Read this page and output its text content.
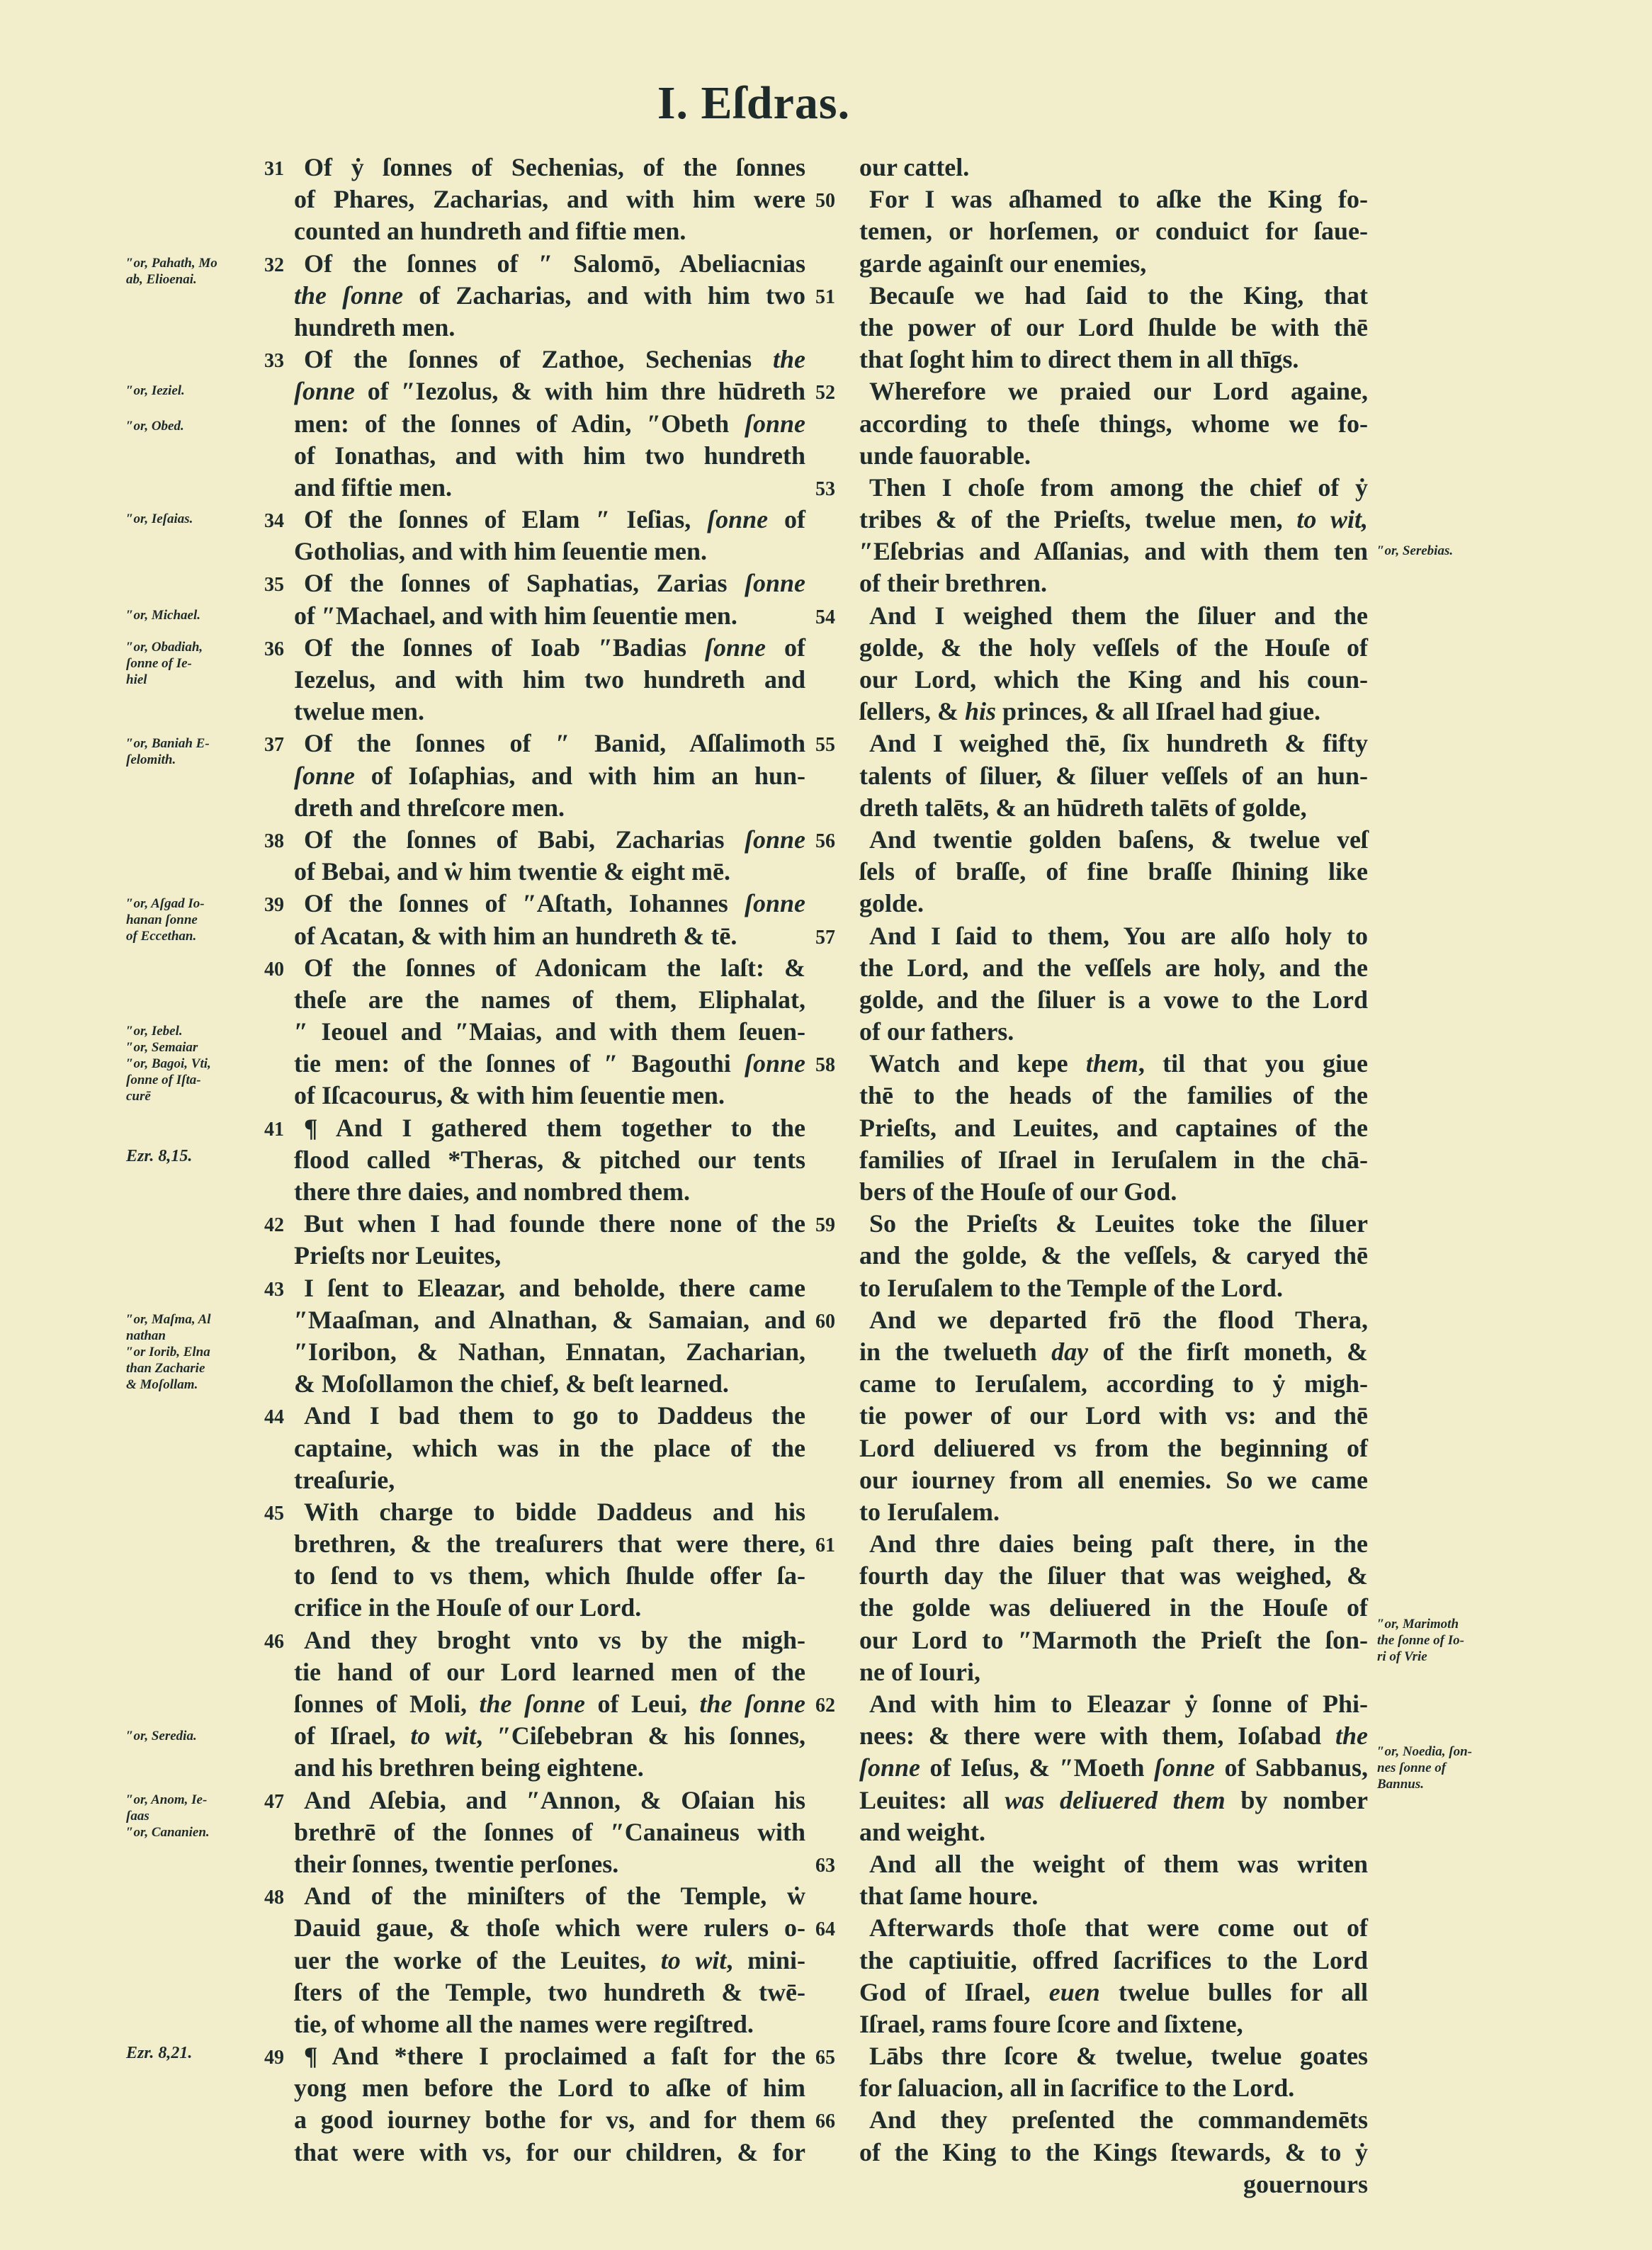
I. Eſdras.
31 Of ẏ ſonnes of Sechenias, of the ſonnes
of Phares, Zacharias, and with him were
counted an hundreth and fiftie men.
32 Of the ſonnes of ″ Salomō, Abeliacnias
the ſonne of Zacharias, and with him two
hundreth men.
33 Of the ſonnes of Zathoe, Sechenias the
ſonne of ″Iezolus, & with him thre hūdreth
men: of the ſonnes of Adin, ″Obeth ſonne
of Ionathas, and with him two hundreth
and fiftie men.
34 Of the ſonnes of Elam ″ Ieſias, ſonne of
Gotholias, and with him ſeuentie men.
35 Of the ſonnes of Saphatias, Zarias ſonne
of ″Machael, and with him ſeuentie men.
36 Of the ſonnes of Ioab ″Badias ſonne of
Iezelus, and with him two hundreth and
twelue men.
37 Of the ſonnes of ″ Banid, Aſſalimoth
ſonne of Ioſaphias, and with him an hun-
dreth and threſcore men.
38 Of the ſonnes of Babi, Zacharias ſonne
of Bebai, and ẇ him twentie & eight mē.
39 Of the ſonnes of ″Aſtath, Iohannes ſonne
of Acatan, & with him an hundreth & tē.
40 Of the ſonnes of Adonicam the laſt: &
theſe are the names of them, Eliphalat,
″ Ieouel and ″Maias, and with them ſeuen-
tie men: of the ſonnes of ″ Bagouthi ſonne
of Iſcacourus, & with him ſeuentie men.
41 ¶ And I gathered them together to the
flood called *Theras, & pitched our tents
there thre daies, and nombred them.
42 But when I had founde there none of the
Prieſts nor Leuites,
43 I ſent to Eleazar, and beholde, there came
″Maaſman, and Alnathan, & Samaian, and
″Ioribon, & Nathan, Ennatan, Zacharian,
& Moſollamon the chief, & beſt learned.
44 And I bad them to go to Daddeus the
captaine, which was in the place of the
treaſurie,
45 With charge to bidde Daddeus and his
brethren, & the treaſurers that were there,
to ſend to vs them, which ſhulde offer ſa-
crifice in the Houſe of our Lord.
46 And they broght vnto vs by the migh-
tie hand of our Lord learned men of the
ſonnes of Moli, the ſonne of Leui, the ſonne
of Iſrael, to wit, ″Ciſebebran & his ſonnes,
and his brethren being eightene.
47 And Aſebia, and ″Annon, & Oſaian his
brethrē of the ſonnes of ″Canaineus with
their ſonnes, twentie perſones.
48 And of the miniſters of the Temple, ẇ
Dauid gaue, & thoſe which were rulers o-
uer the worke of the Leuites, to wit, mini-
ſters of the Temple, two hundreth & twē-
tie, of whome all the names were regiſtred.
49 ¶ And *there I proclaimed a faſt for the
yong men before the Lord to aſke of him
a good iourney bothe for vs, and for them
that were with vs, for our children, & for
our cattel.
50 For I was aſhamed to aſke the King fo-
temen, or horſemen, or conduict for ſaue-
garde againſt our enemies,
51 Becauſe we had ſaid to the King, that
the power of our Lord ſhulde be with thē
that ſoght him to direct them in all thīgs.
52 Wherefore we praied our Lord againe,
according to theſe things, whome we fo-
unde fauorable.
53 Then I choſe from among the chief of ẏ
tribes & of the Prieſts, twelue men, to wit,
″Eſebrias and Aſſanias, and with them ten
of their brethren.
54 And I weighed them the ſiluer and the
golde, & the holy veſſels of the Houſe of
our Lord, which the King and his coun-
ſellers, & his princes, & all Iſrael had giue.
55 And I weighed thē, ſix hundreth & fifty
talents of ſiluer, & ſiluer veſſels of an hun-
dreth talēts, & an hūdreth talēts of golde,
56 And twentie golden baſens, & twelue veſ
ſels of braſſe, of fine braſſe ſhining like
golde.
57 And I ſaid to them, You are alſo holy to
the Lord, and the veſſels are holy, and the
golde, and the ſiluer is a vowe to the Lord
of our fathers.
58 Watch and kepe them, til that you giue
thē to the heads of the families of the
Prieſts, and Leuites, and captaines of the
families of Iſrael in Ieruſalem in the chā-
bers of the Houſe of our God.
59 So the Prieſts & Leuites toke the ſiluer
and the golde, & the veſſels, & caryed thē
to Ieruſalem to the Temple of the Lord.
60 And we departed frō the flood Thera,
in the twelueth day of the firſt moneth, &
came to Ieruſalem, according to ẏ migh-
tie power of our Lord with vs: and thē
Lord deliuered vs from the beginning of
our iourney from all enemies. So we came
to Ieruſalem.
61 And thre daies being paſt there, in the
fourth day the ſiluer that was weighed, &
the golde was deliuered in the Houſe of
our Lord to ″Marmoth the Prieſt the ſon-
ne of Iouri,
62 And with him to Eleazar ẏ ſonne of Phi-
nees: & there were with them, Ioſabad the
ſonne of Ieſus, & ″Moeth ſonne of Sabbanus,
Leuites: all was deliuered them by nomber
and weight.
63 And all the weight of them was writen
that ſame houre.
64 Afterwards thoſe that were come out of
the captiuitie, offred ſacrifices to the Lord
God of Iſrael, euen twelue bulles for all
Iſrael, rams foure ſcore and ſixtene,
65 Lābs thre ſcore & twelue, twelue goates
for ſaluacion, all in ſacrifice to the Lord.
66 And they preſented the commandemēts
of the King to the Kings ſtewards, & to ẏ
gouernours
″or, Pahath, Mo
ab, Elioenai.
″or, Ieziel.
″or, Obed.
″or, Ieſaias.
″or, Michael.
″or, Obadiah,
ſonne of Ie-
hiel
″or, Baniah E-
ſelomith.
″or, Aſgad Io-
hanan ſonne
of Eccethan.
″or, Iebel.
″or, Semaiar
″or, Bagoi, Vti,
ſonne of Iſta-
curē
Ezr. 8,15.
″or, Maſma, Al
nathan
″or Iorib, Elna
than Zacharie
& Moſollam.
″or, Seredia.
″or, Anom, Ie-
ſaas
″or, Cananien.
Ezr. 8,21.
″or, Serebias.
″or, Marimoth
the ſonne of Io-
ri of Vrie
″or, Noedia, ſon-
nes ſonne of
Bannus.
